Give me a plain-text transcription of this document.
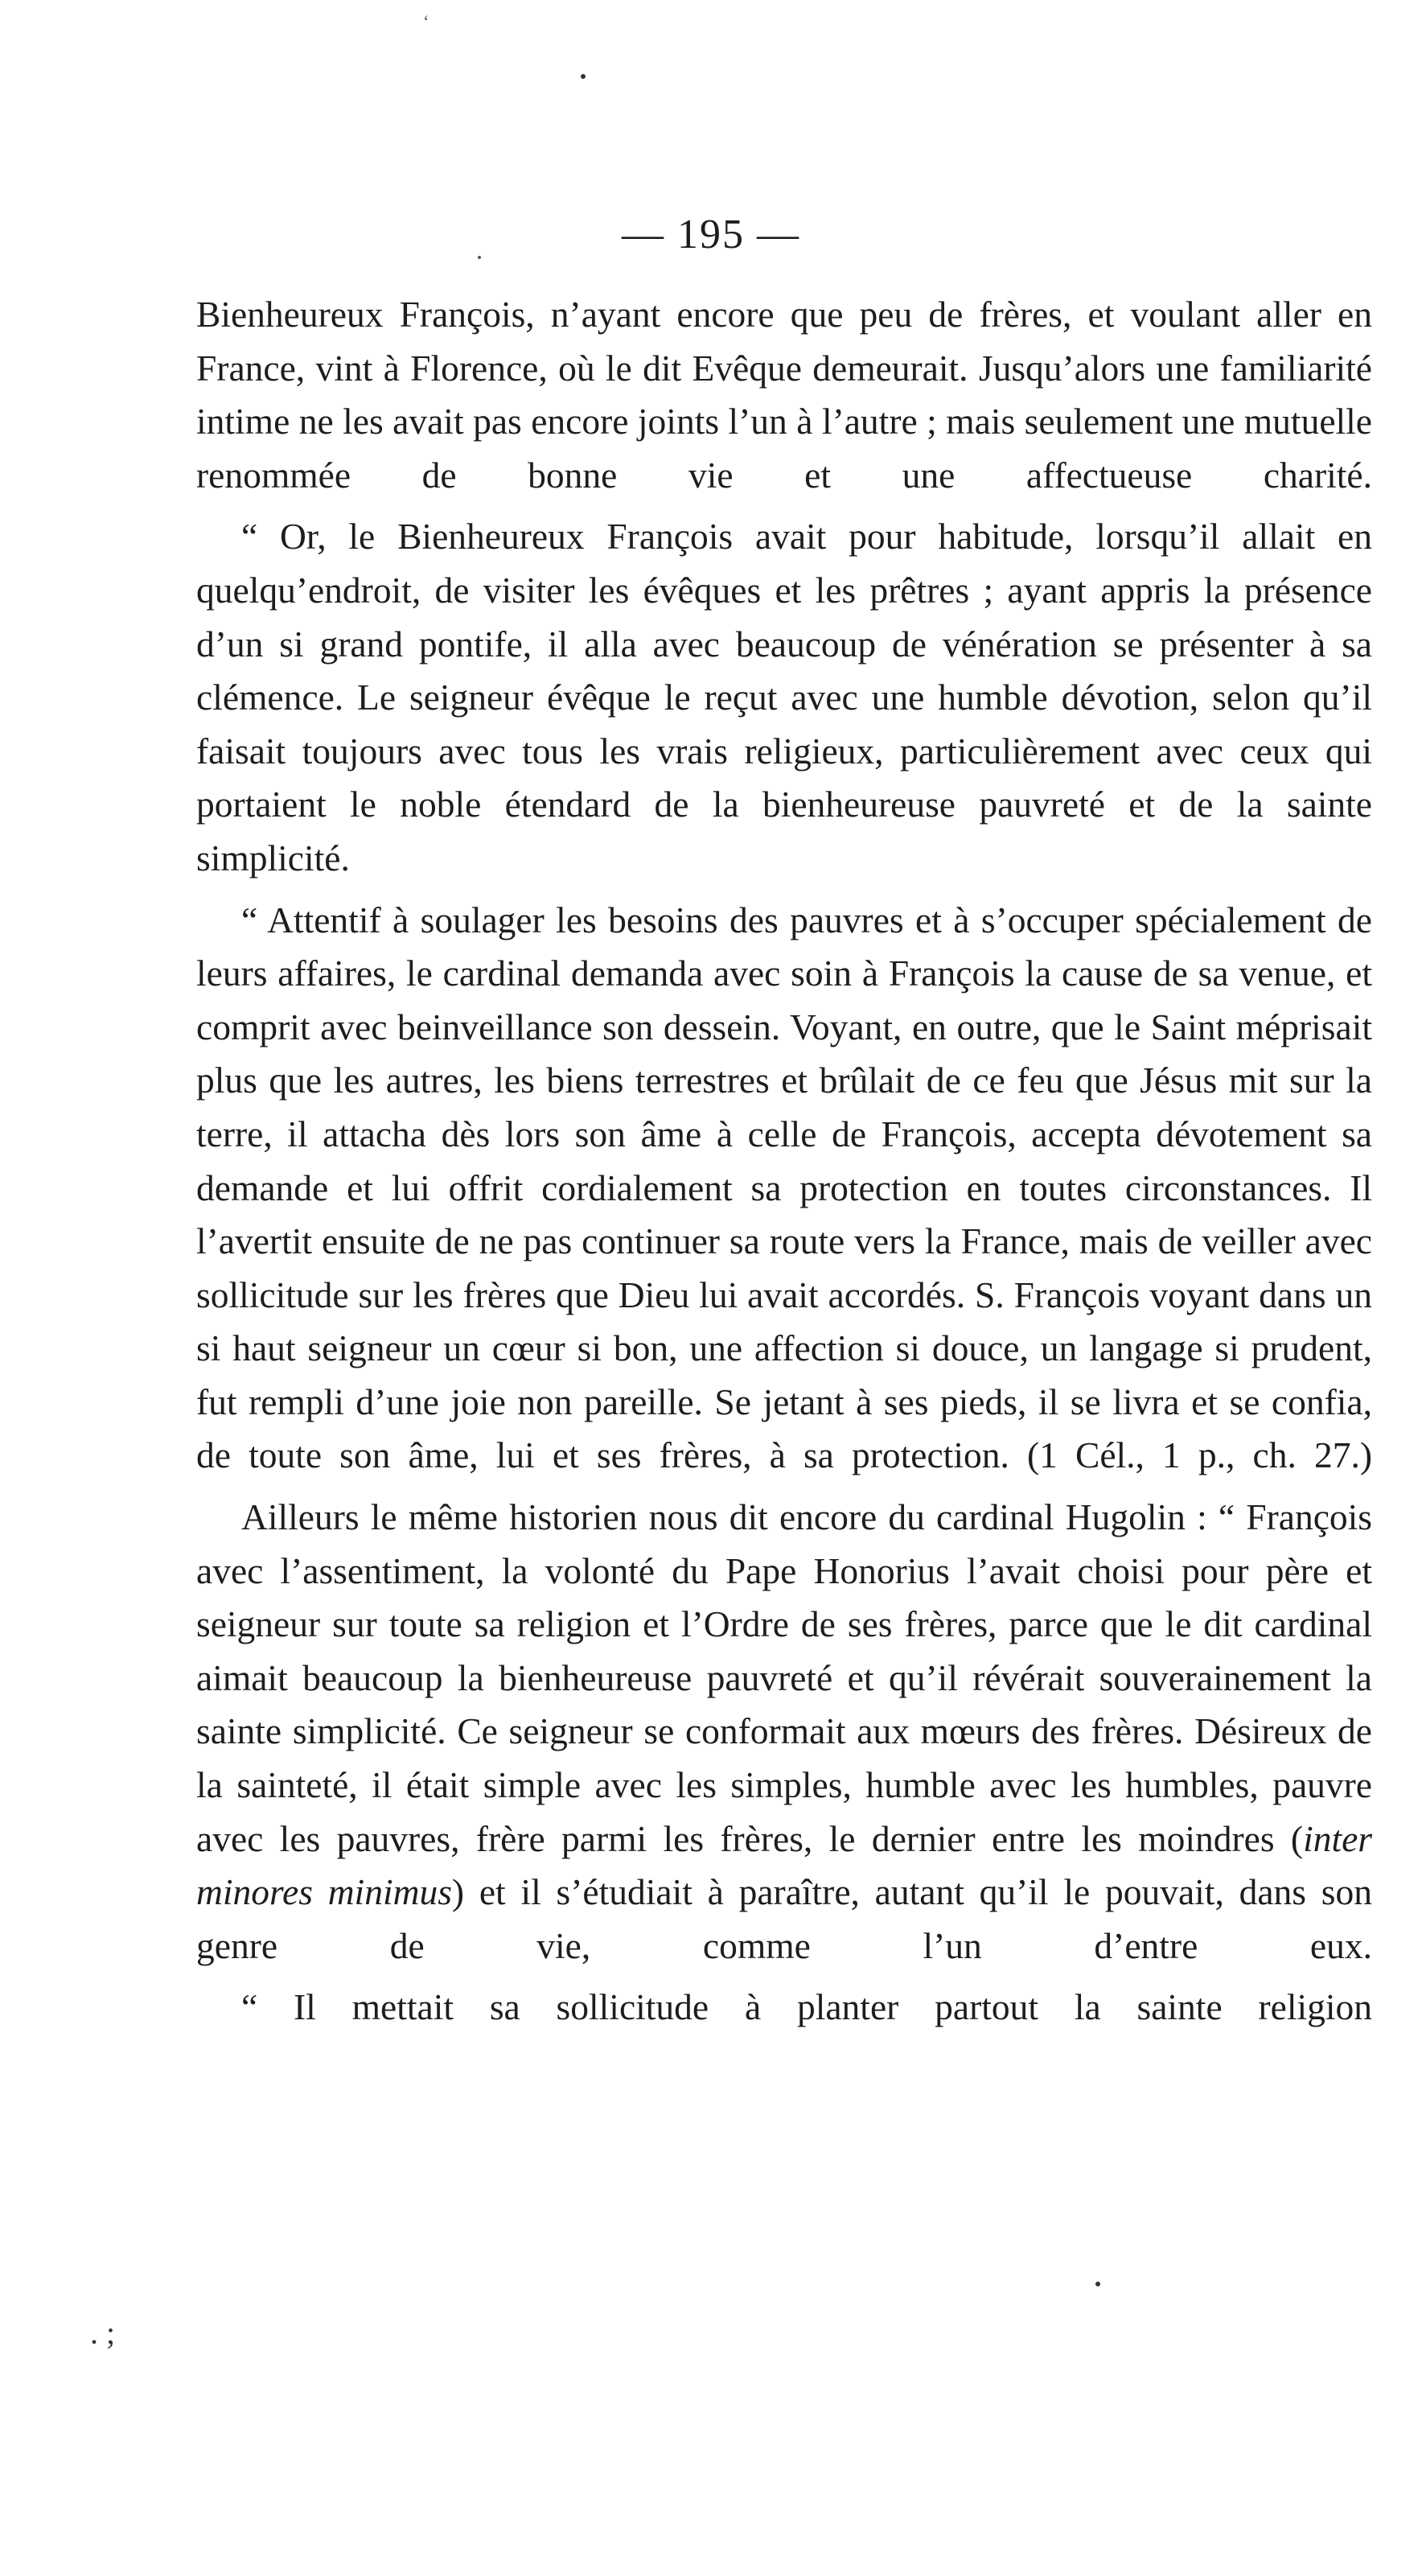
‘
— 195 —

Bienheureux François, n’ayant encore que peu de frères, et voulant aller en France, vint à Florence, où le dit Evêque demeurait. Jusqu’alors une familiarité intime ne les avait pas encore joints l’un à l’autre ; mais seulement une mutuelle renommée de bonne vie et une affectueuse charité.

“ Or, le Bienheureux François avait pour habitude, lorsqu’il allait en quelqu’endroit, de visiter les évêques et les prêtres ; ayant appris la présence d’un si grand pontife, il alla avec beaucoup de vénération se présenter à sa clémence. Le seigneur évêque le reçut avec une humble dévotion, selon qu’il faisait toujours avec tous les vrais religieux, particulièrement avec ceux qui portaient le noble étendard de la bienheureuse pauvreté et de la sainte simplicité.

“ Attentif à soulager les besoins des pauvres et à s’occuper spécialement de leurs affaires, le cardinal demanda avec soin à François la cause de sa venue, et comprit avec beinveillance son dessein. Voyant, en outre, que le Saint méprisait plus que les autres, les biens terrestres et brûlait de ce feu que Jésus mit sur la terre, il attacha dès lors son âme à celle de François, accepta dévotement sa demande et lui offrit cordialement sa protection en toutes circonstances. Il l’avertit ensuite de ne pas continuer sa route vers la France, mais de veiller avec sollicitude sur les frères que Dieu lui avait accordés. S. François voyant dans un si haut seigneur un cœur si bon, une affection si douce, un langage si prudent, fut rempli d’une joie non pareille. Se jetant à ses pieds, il se livra et se confia, de toute son âme, lui et ses frères, à sa protection. (1 Cél., 1 p., ch. 27.)

Ailleurs le même historien nous dit encore du cardinal Hugolin : “ François avec l’assentiment, la volonté du Pape Honorius l’avait choisi pour père et seigneur sur toute sa religion et l’Ordre de ses frères, parce que le dit cardinal aimait beaucoup la bienheureuse pauvreté et qu’il révérait souverainement la sainte simplicité. Ce seigneur se conformait aux mœurs des frères. Désireux de la sainteté, il était simple avec les simples, humble avec les humbles, pauvre avec les pauvres, frère parmi les frères, le dernier entre les moindres (inter minores minimus) et il s’étudiait à paraître, autant qu’il le pouvait, dans son genre de vie, comme l’un d’entre eux.

“ Il mettait sa sollicitude à planter partout la sainte religion

. ;
